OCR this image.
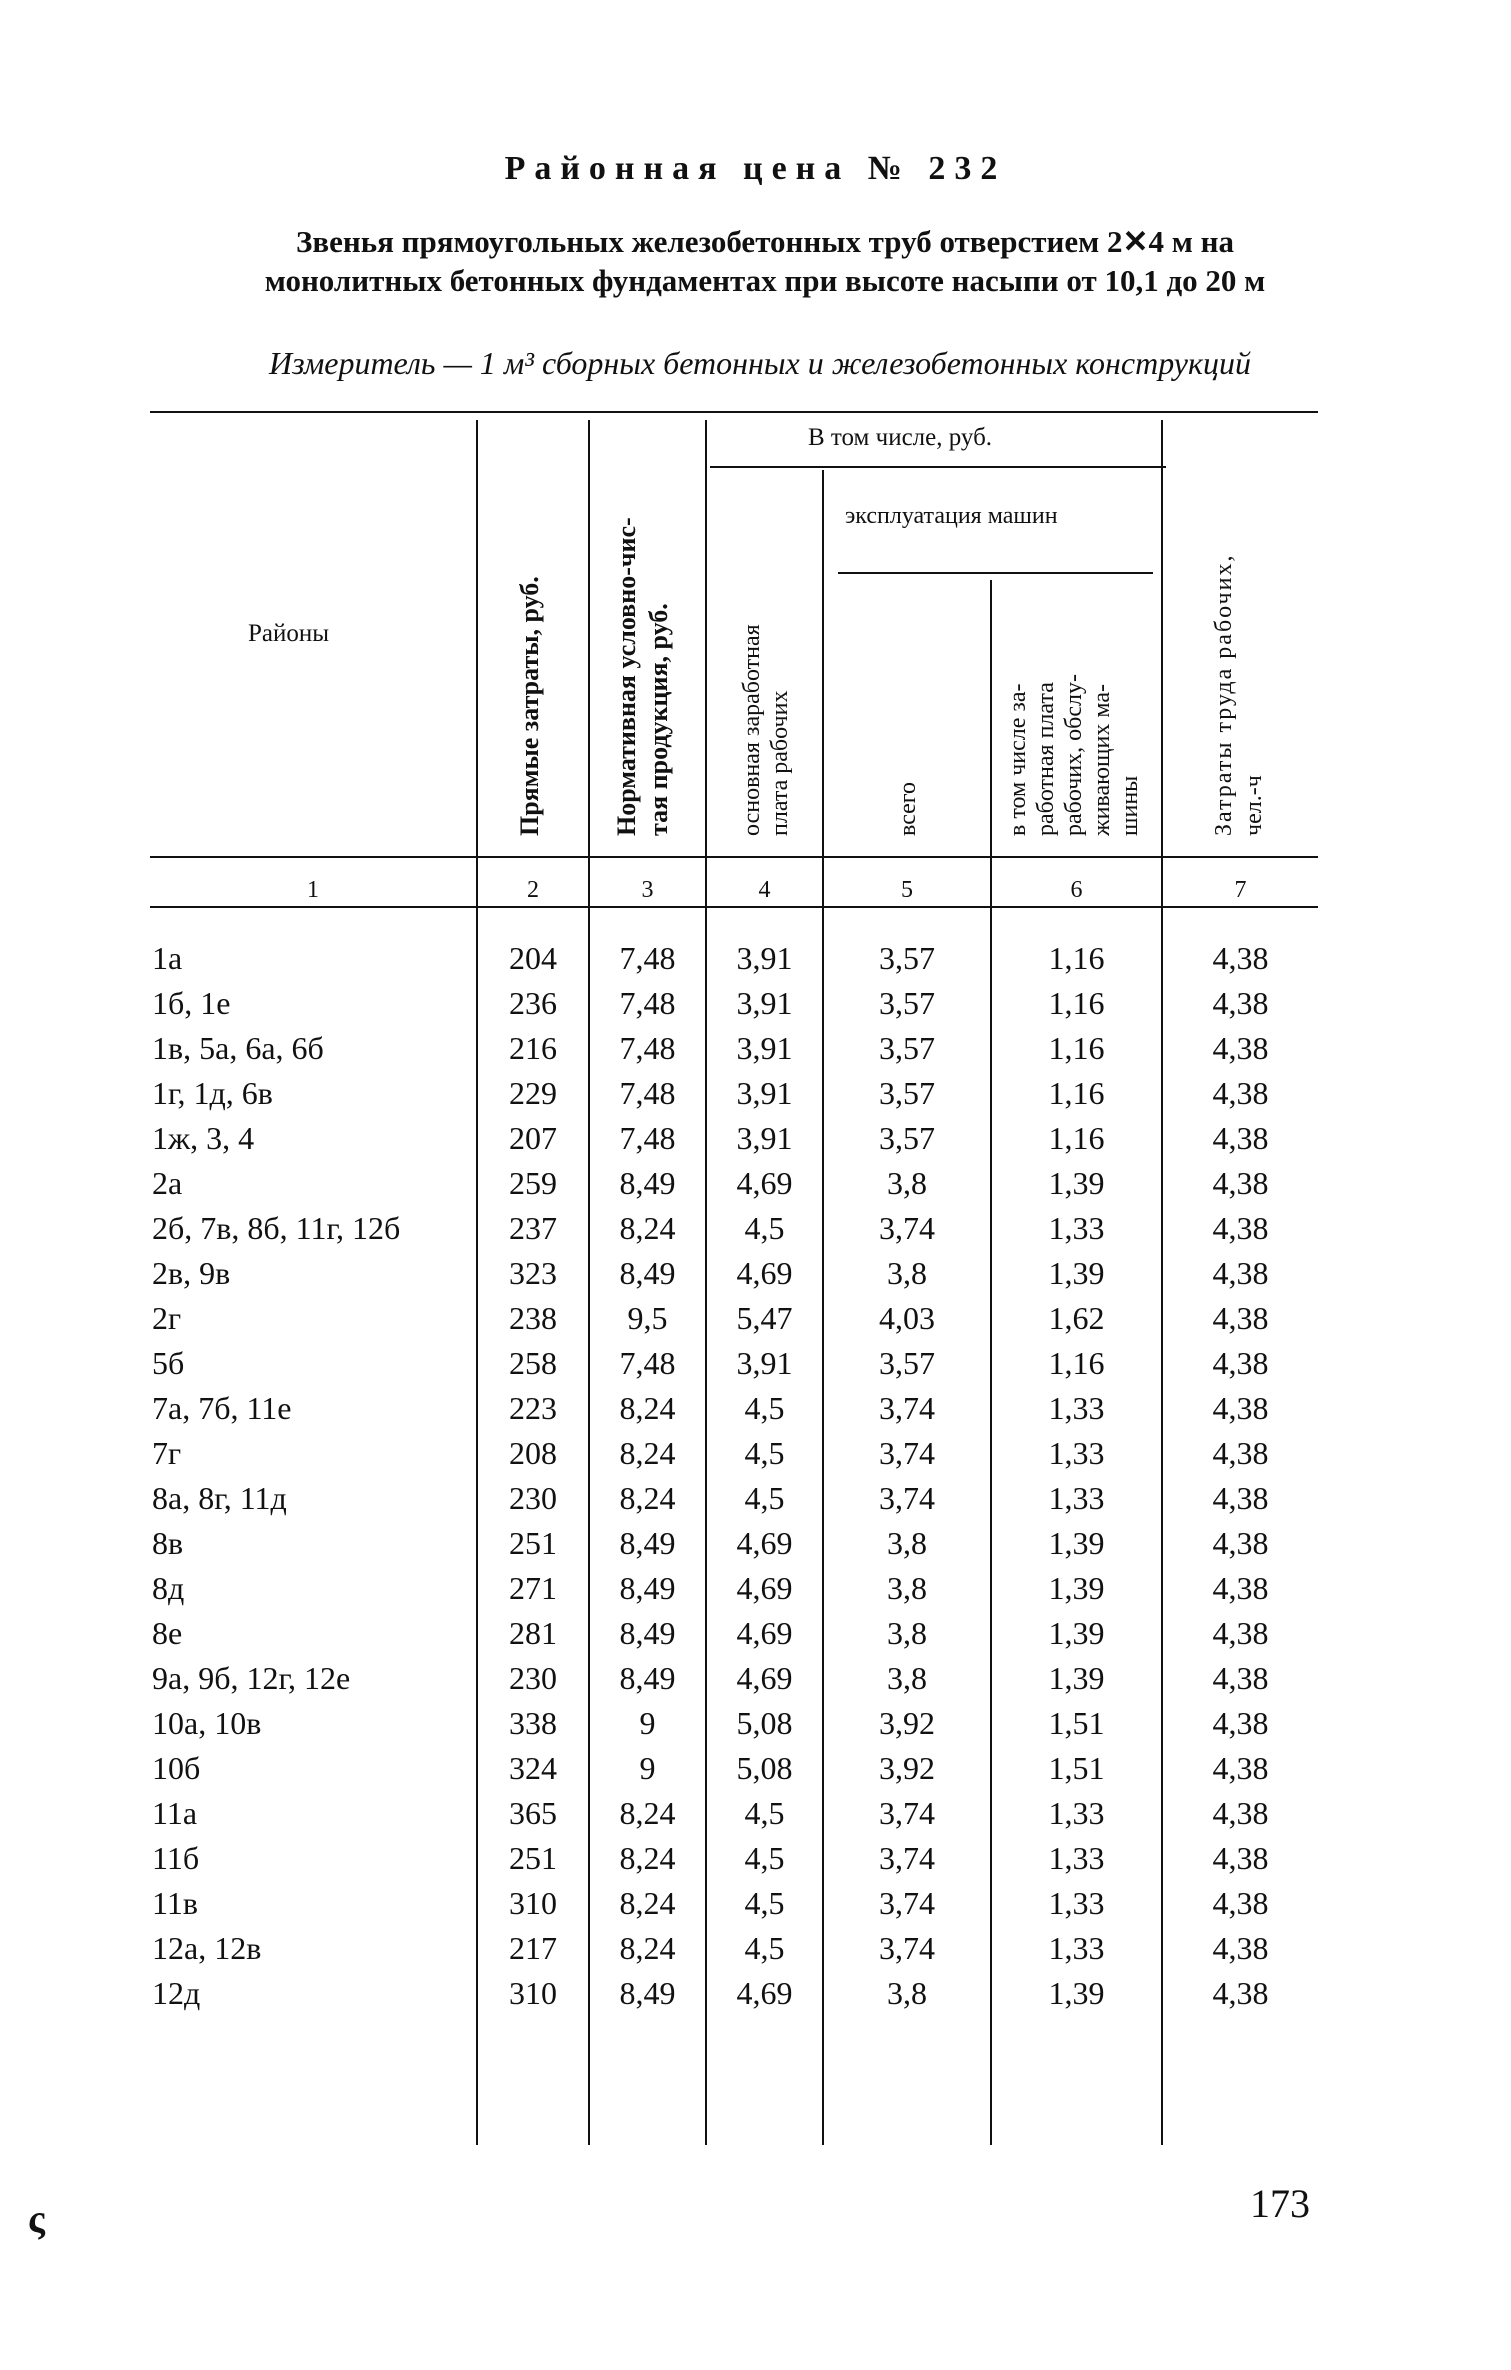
Районная цена № 232
Звенья прямоугольных железобетонных труб отверстием 2✕4 м на монолитных бетонных фундаментах при высоте насыпи от 10,1 до 20 м
Измеритель — 1 м³ сборных бетонных и железобетонных конструкций
Районы
В том числе, руб.
эксплуатация машин
Прямые затраты, руб.	Нормативная условно-чис- тая продукция, руб.	основная заработная плата рабочих	всего	в том числе за- работная плата рабочих, обслу- живающих ма- шины	Затраты труда рабочих, чел.-ч
1	2	3	4	5	6	7
1а	204	7,48	3,91	3,57	1,16	4,38
1б, 1е	236	7,48	3,91	3,57	1,16	4,38
1в, 5а, 6а, 6б	216	7,48	3,91	3,57	1,16	4,38
1г, 1д, 6в	229	7,48	3,91	3,57	1,16	4,38
1ж, 3, 4	207	7,48	3,91	3,57	1,16	4,38
2а	259	8,49	4,69	3,8	1,39	4,38
2б, 7в, 8б, 11г, 12б	237	8,24	4,5	3,74	1,33	4,38
2в, 9в	323	8,49	4,69	3,8	1,39	4,38
2г	238	9,5	5,47	4,03	1,62	4,38
5б	258	7,48	3,91	3,57	1,16	4,38
7а, 7б, 11е	223	8,24	4,5	3,74	1,33	4,38
7г	208	8,24	4,5	3,74	1,33	4,38
8а, 8г, 11д	230	8,24	4,5	3,74	1,33	4,38
8в	251	8,49	4,69	3,8	1,39	4,38
8д	271	8,49	4,69	3,8	1,39	4,38
8е	281	8,49	4,69	3,8	1,39	4,38
9а, 9б, 12г, 12е	230	8,49	4,69	3,8	1,39	4,38
10а, 10в	338	9	5,08	3,92	1,51	4,38
10б	324	9	5,08	3,92	1,51	4,38
11а	365	8,24	4,5	3,74	1,33	4,38
11б	251	8,24	4,5	3,74	1,33	4,38
11в	310	8,24	4,5	3,74	1,33	4,38
12а, 12в	217	8,24	4,5	3,74	1,33	4,38
12д	310	8,49	4,69	3,8	1,39	4,38
173
ς
